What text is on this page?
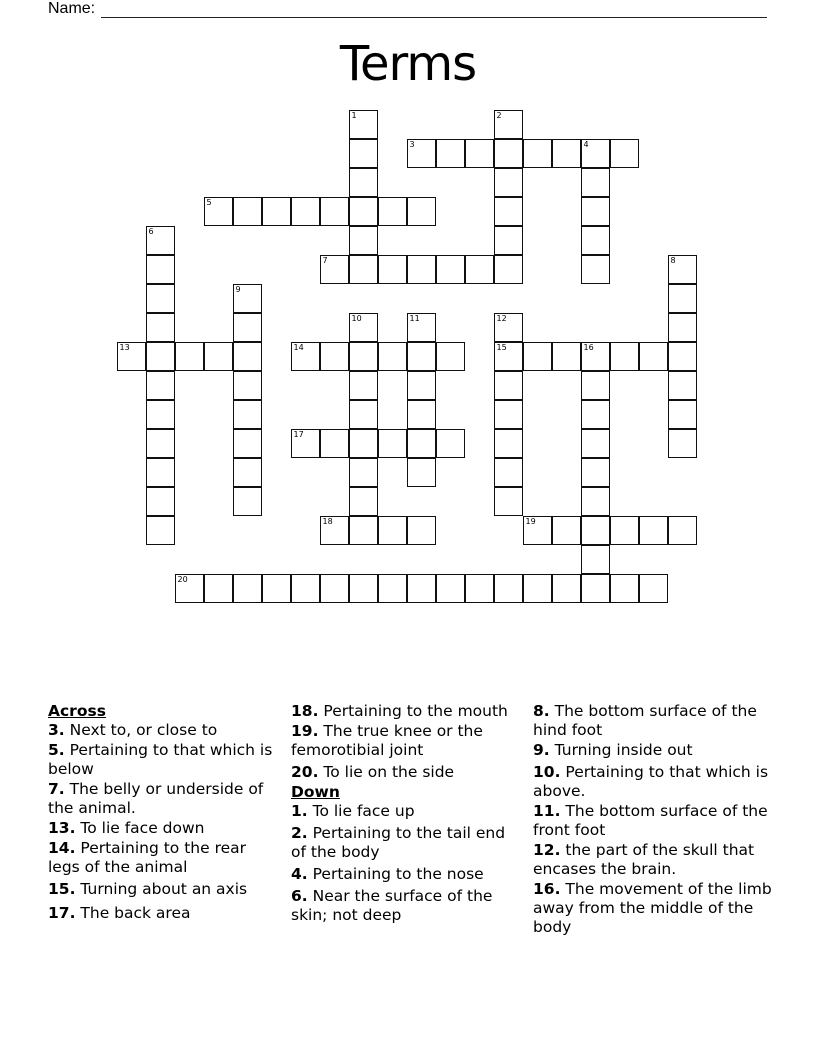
Name:
Terms
1	2
3	4
5
6
7	8
9
10	11	12
15
13	14	16
17
18	19
20
Across
3. Next to, or close to
5. Pertaining to that which is below
7. The belly or underside of the animal.
13. To lie face down
14. Pertaining to the rear legs of the animal
15. Turning about an axis
17. The back area
18. Pertaining to the mouth
19. The true knee or the femorotibial joint
20. To lie on the side
Down
1. To lie face up
2. Pertaining to the tail end of the body
4. Pertaining to the nose
6. Near the surface of the skin; not deep
8. The bottom surface of the hind foot
9. Turning inside out
10. Pertaining to that which is above.
11. The bottom surface of the front foot
12. the part of the skull that encases the brain.
16. The movement of the limb away from the middle of the body
